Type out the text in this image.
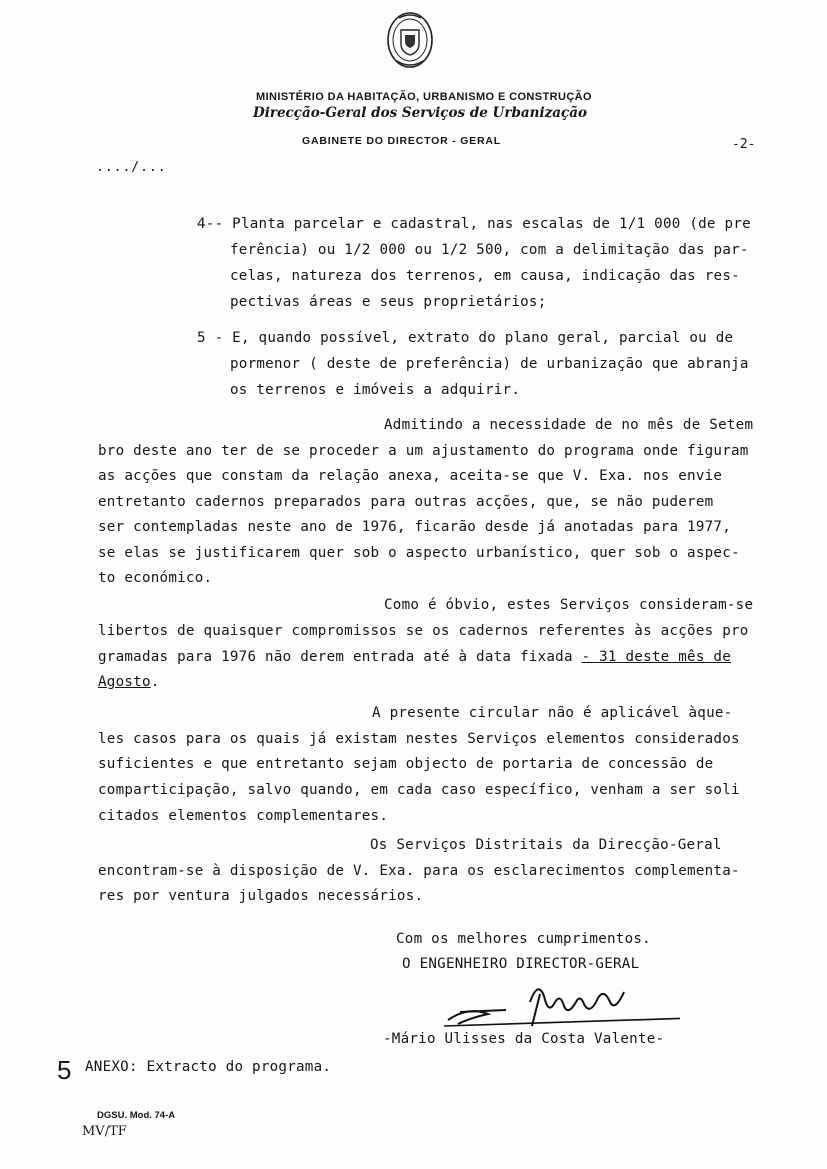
MINISTÉRIO DA HABITAÇÃO, URBANISMO E CONSTRUÇÃO
Direcção-Geral dos Serviços de Urbanização
GABINETE DO DIRECTOR - GERAL	-2-
..../...
4-- Planta parcelar e cadastral, nas escalas de 1/1 000 (de pre
ferência) ou 1/2 000 ou 1/2 500, com a delimitação das par-
celas, natureza dos terrenos, em causa, indicação das res-
pectivas áreas e seus proprietários;
5 - E, quando possível, extrato do plano geral, parcial ou de
pormenor ( deste de preferência) de urbanização que abranja
os terrenos e imóveis a adquirir.
Admitindo a necessidade de no mês de Setem
bro deste ano ter de se proceder a um ajustamento do programa onde figuram
as acções que constam da relação anexa, aceita-se que V. Exa. nos envie
entretanto cadernos preparados para outras acções, que, se não puderem
ser contempladas neste ano de 1976, ficarão desde já anotadas para 1977,
se elas se justificarem quer sob o aspecto urbanístico, quer sob o aspec-
to económico.
Como é óbvio, estes Serviços consideram-se
libertos de quaisquer compromissos se os cadernos referentes às acções pro
gramadas para 1976 não derem entrada até à data fixada - 31 deste mês de
Agosto.
A presente circular não é aplicável àque-
les casos para os quais já existam nestes Serviços elementos considerados
suficientes e que entretanto sejam objecto de portaria de concessão de
comparticipação, salvo quando, em cada caso específico, venham a ser soli
citados elementos complementares.
Os Serviços Distritais da Direcção-Geral
encontram-se à disposição de V. Exa. para os esclarecimentos complementa-
res por ventura julgados necessários.
Com os melhores cumprimentos.
O ENGENHEIRO DIRECTOR-GERAL
-Mário Ulisses da Costa Valente-
5 ANEXO: Extracto do programa.
DGSU. Mod. 74-A
MV/TF
